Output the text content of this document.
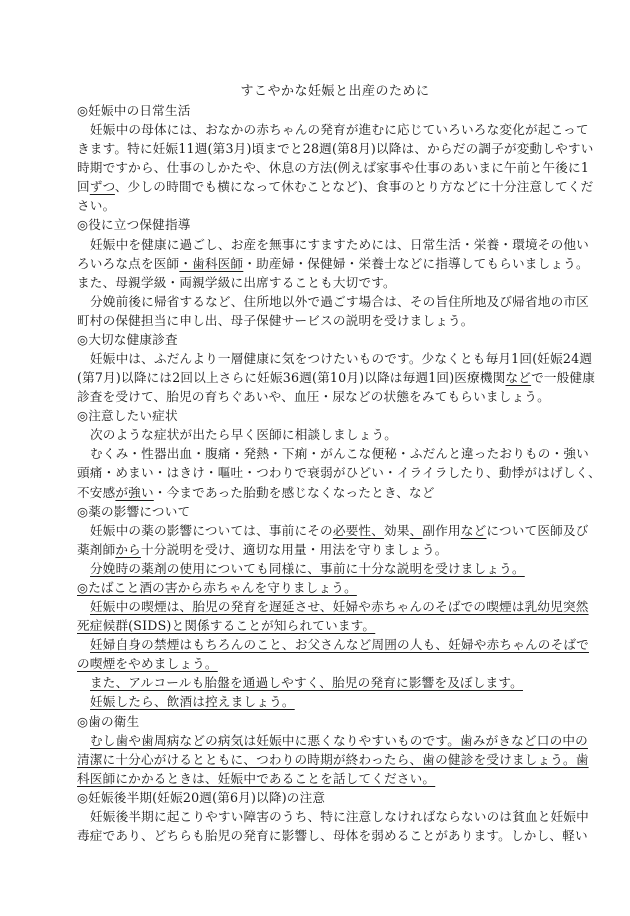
すこやかな妊娠と出産のために
◎妊娠中の日常生活
妊娠中の母体には、おなかの赤ちゃんの発育が進むに応じていろいろな変化が起こって
きます。特に妊娠11週(第3月)頃までと28週(第8月)以降は、からだの調子が変動しやすい
時期ですから、仕事のしかたや、休息の方法(例えば家事や仕事のあいまに午前と午後に1
回ずつ、少しの時間でも横になって休むことなど)、食事のとり方などに十分注意してくだ
さい。
◎役に立つ保健指導
妊娠中を健康に過ごし、お産を無事にすますためには、日常生活・栄養・環境その他い
ろいろな点を医師・歯科医師・助産婦・保健婦・栄養士などに指導してもらいましょう。
また、母親学級・両親学級に出席することも大切です。
分娩前後に帰省するなど、住所地以外で過ごす場合は、その旨住所地及び帰省地の市区
町村の保健担当に申し出、母子保健サービスの説明を受けましょう。
◎大切な健康診査
妊娠中は、ふだんより一層健康に気をつけたいものです。少なくとも毎月1回(妊娠24週
(第7月)以降には2回以上さらに妊娠36週(第10月)以降は毎週1回)医療機関などで一般健康
診査を受けて、胎児の育ちぐあいや、血圧・尿などの状態をみてもらいましょう。
◎注意したい症状
次のような症状が出たら早く医師に相談しましょう。
むくみ・性器出血・腹痛・発熱・下痢・がんこな便秘・ふだんと違ったおりもの・強い
頭痛・めまい・はきけ・嘔吐・つわりで衰弱がひどい・イライラしたり、動悸がはげしく、
不安感が強い・今まであった胎動を感じなくなったとき、など
◎薬の影響について
妊娠中の薬の影響については、事前にその必要性、効果、副作用などについて医師及び
薬剤師から十分説明を受け、適切な用量・用法を守りましょう。
分娩時の薬剤の使用についても同様に、事前に十分な説明を受けましょう。
◎たばこと酒の害から赤ちゃんを守りましょう。
妊娠中の喫煙は、胎児の発育を遅延させ、妊婦や赤ちゃんのそばでの喫煙は乳幼児突然
死症候群(SIDS)と関係することが知られています。
妊婦自身の禁煙はもちろんのこと、お父さんなど周囲の人も、妊婦や赤ちゃんのそばで
の喫煙をやめましょう。
また、アルコールも胎盤を通過しやすく、胎児の発育に影響を及ぼします。
妊娠したら、飲酒は控えましょう。
◎歯の衛生
むし歯や歯周病などの病気は妊娠中に悪くなりやすいものです。歯みがきなど口の中の
清潔に十分心がけるとともに、つわりの時期が終わったら、歯の健診を受けましょう。歯
科医師にかかるときは、妊娠中であることを話してください。
◎妊娠後半期(妊娠20週(第6月)以降)の注意
妊娠後半期に起こりやすい障害のうち、特に注意しなければならないのは貧血と妊娠中
毒症であり、どちらも胎児の発育に影響し、母体を弱めることがあります。しかし、軽い
